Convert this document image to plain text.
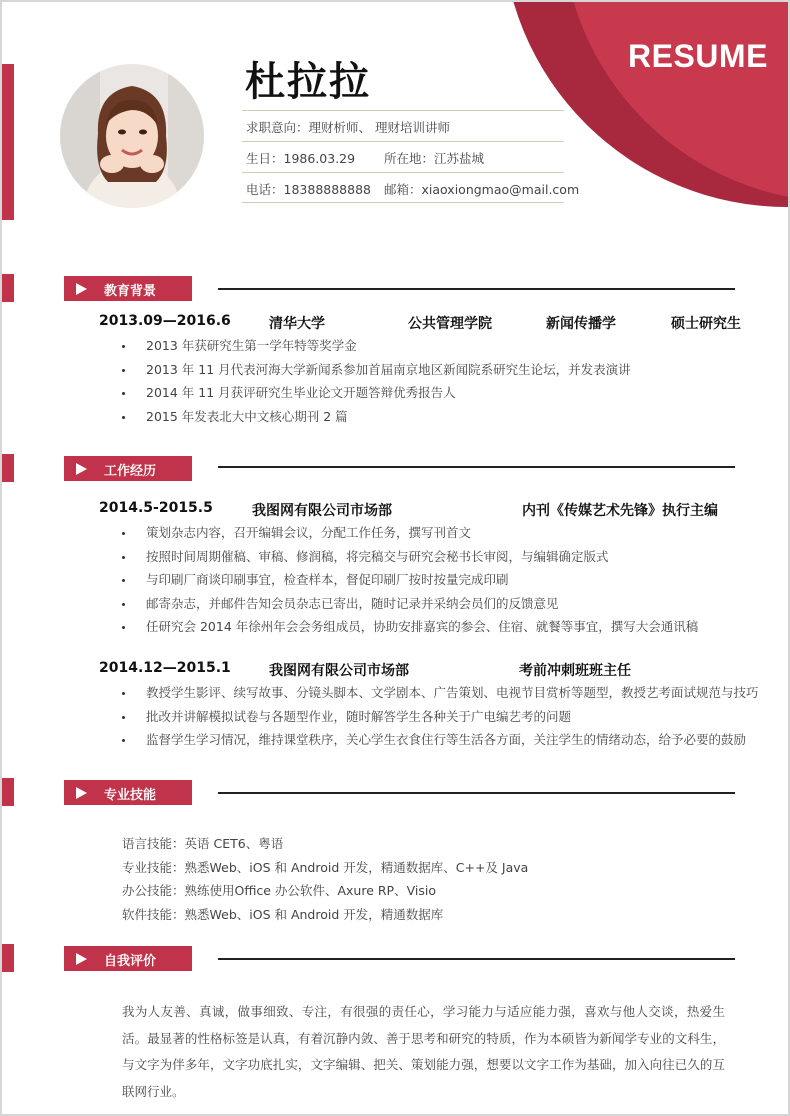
RESUME
杜拉拉
求职意向：理财析师、 理财培训讲师
生日：1986.03.29 所在地：江苏盐城
电话：18388888888 邮箱：xiaoxiongmao@mail.com
教育背景
2013.09—2016.6	清华大学	公共管理学院	新闻传播学	硕士研究生
2013 年获研究生第一学年特等奖学金
2013 年 11 月代表河海大学新闻系参加首届南京地区新闻院系研究生论坛，并发表演讲
2014 年 11 月获评研究生毕业论文开题答辩优秀报告人
2015 年发表北大中文核心期刊 2 篇
工作经历
2014.5-2015.5	我图网有限公司市场部	内刊《传媒艺术先锋》执行主编
策划杂志内容，召开编辑会议，分配工作任务，撰写刊首文
按照时间周期催稿、审稿、修润稿，将完稿交与研究会秘书长审阅，与编辑确定版式
与印刷厂商谈印刷事宜，检查样本，督促印刷厂按时按量完成印刷
邮寄杂志，并邮件告知会员杂志已寄出，随时记录并采纳会员们的反馈意见
任研究会 2014 年徐州年会会务组成员，协助安排嘉宾的参会、住宿、就餐等事宜，撰写大会通讯稿
2014.12—2015.1	我图网有限公司市场部	考前冲刺班班主任
教授学生影评、续写故事、分镜头脚本、文学剧本、广告策划、电视节目赏析等题型，教授艺考面试规范与技巧
批改并讲解模拟试卷与各题型作业，随时解答学生各种关于广电编艺考的问题
监督学生学习情况，维持课堂秩序，关心学生衣食住行等生活各方面，关注学生的情绪动态，给予必要的鼓励
专业技能
语言技能：英语 CET6、粤语
专业技能：熟悉Web、iOS 和 Android 开发，精通数据库、C++及 Java
办公技能：熟练使用Office 办公软件、Axure RP、Visio
软件技能：熟悉Web、iOS 和 Android 开发，精通数据库
自我评价
我为人友善、真诚，做事细致、专注，有很强的责任心，学习能力与适应能力强，喜欢与他人交谈，热爱生活。最显著的性格标签是认真，有着沉静内敛、善于思考和研究的特质，作为本硕皆为新闻学专业的文科生，与文字为伴多年，文字功底扎实，文字编辑、把关、策划能力强，想要以文字工作为基础，加入向往已久的互联网行业。
